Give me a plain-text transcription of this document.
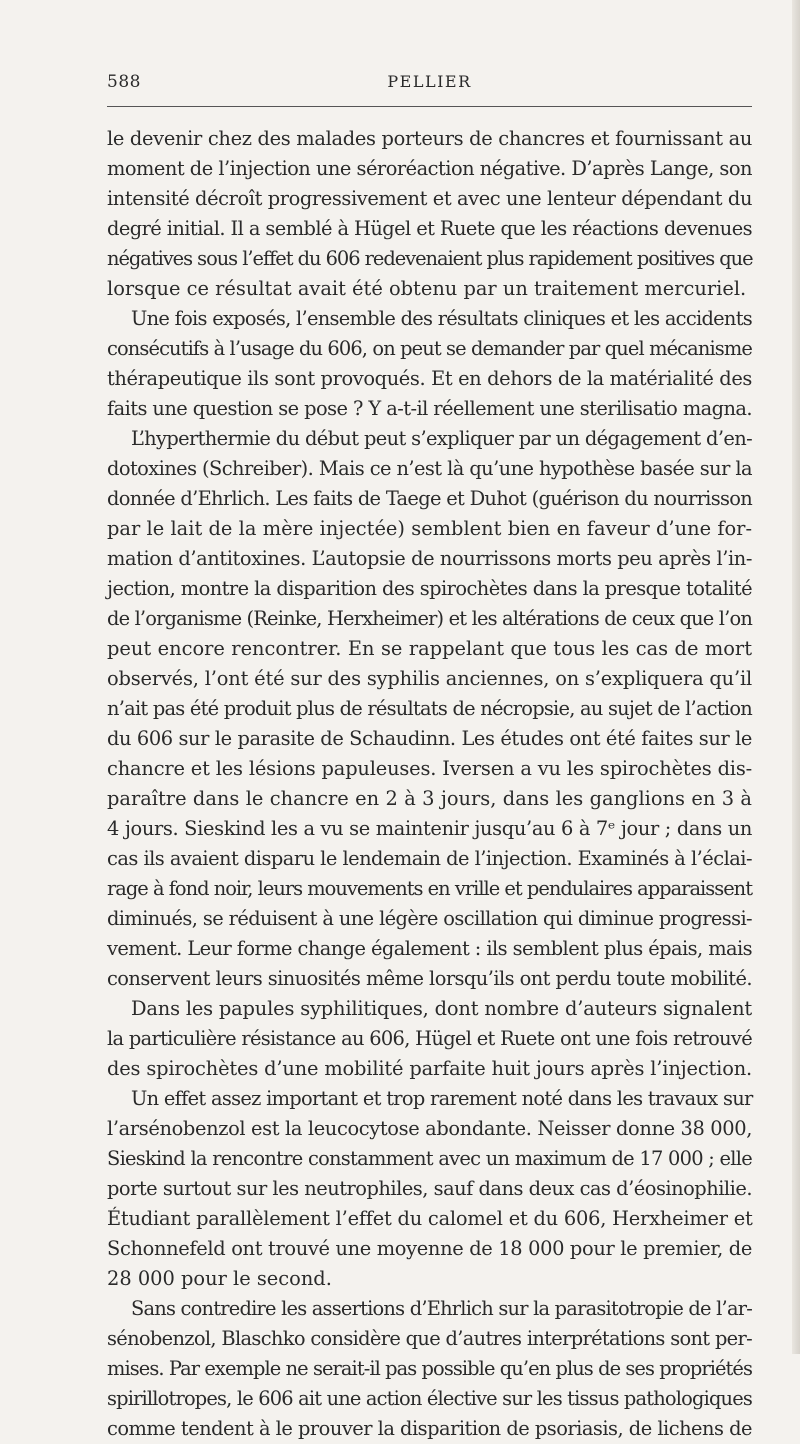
588	PELLIER
le devenir chez des malades porteurs de chancres et fournissant au
moment de l’injection une séroréaction négative. D’après Lange, son
intensité décroît progressivement et avec une lenteur dépendant du
degré initial. Il a semblé à Hügel et Ruete que les réactions devenues
négatives sous l’effet du 606 redevenaient plus rapidement positives que
lorsque ce résultat avait été obtenu par un traitement mercuriel.
Une fois exposés, l’ensemble des résultats cliniques et les accidents
consécutifs à l’usage du 606, on peut se demander par quel mécanisme
thérapeutique ils sont provoqués. Et en dehors de la matérialité des
faits une question se pose ? Y a-t-il réellement une sterilisatio magna.
L’hyperthermie du début peut s’expliquer par un dégagement d’en-
dotoxines (Schreiber). Mais ce n’est là qu’une hypothèse basée sur la
donnée d’Ehrlich. Les faits de Taege et Duhot (guérison du nourrisson
par le lait de la mère injectée) semblent bien en faveur d’une for-
mation d’antitoxines. L’autopsie de nourrissons morts peu après l’in-
jection, montre la disparition des spirochètes dans la presque totalité
de l’organisme (Reinke, Herxheimer) et les altérations de ceux que l’on
peut encore rencontrer. En se rappelant que tous les cas de mort
observés, l’ont été sur des syphilis anciennes, on s’expliquera qu’il
n’ait pas été produit plus de résultats de nécropsie, au sujet de l’action
du 606 sur le parasite de Schaudinn. Les études ont été faites sur le
chancre et les lésions papuleuses. Iversen a vu les spirochètes dis-
paraître dans le chancre en 2 à 3 jours, dans les ganglions en 3 à
4 jours. Sieskind les a vu se maintenir jusqu’au 6 à 7ᵉ jour ; dans un
cas ils avaient disparu le lendemain de l’injection. Examinés à l’éclai-
rage à fond noir, leurs mouvements en vrille et pendulaires apparaissent
diminués, se réduisent à une légère oscillation qui diminue progressi-
vement. Leur forme change également : ils semblent plus épais, mais
conservent leurs sinuosités même lorsqu’ils ont perdu toute mobilité.
Dans les papules syphilitiques, dont nombre d’auteurs signalent
la particulière résistance au 606, Hügel et Ruete ont une fois retrouvé
des spirochètes d’une mobilité parfaite huit jours après l’injection.
Un effet assez important et trop rarement noté dans les travaux sur
l’arsénobenzol est la leucocytose abondante. Neisser donne 38 000,
Sieskind la rencontre constamment avec un maximum de 17 000 ; elle
porte surtout sur les neutrophiles, sauf dans deux cas d’éosinophilie.
Étudiant parallèlement l’effet du calomel et du 606, Herxheimer et
Schonnefeld ont trouvé une moyenne de 18 000 pour le premier, de
28 000 pour le second.
Sans contredire les assertions d’Ehrlich sur la parasitotropie de l’ar-
sénobenzol, Blaschko considère que d’autres interprétations sont per-
mises. Par exemple ne serait-il pas possible qu’en plus de ses propriétés
spirillotropes, le 606 ait une action élective sur les tissus pathologiques
comme tendent à le prouver la disparition de psoriasis, de lichens de
